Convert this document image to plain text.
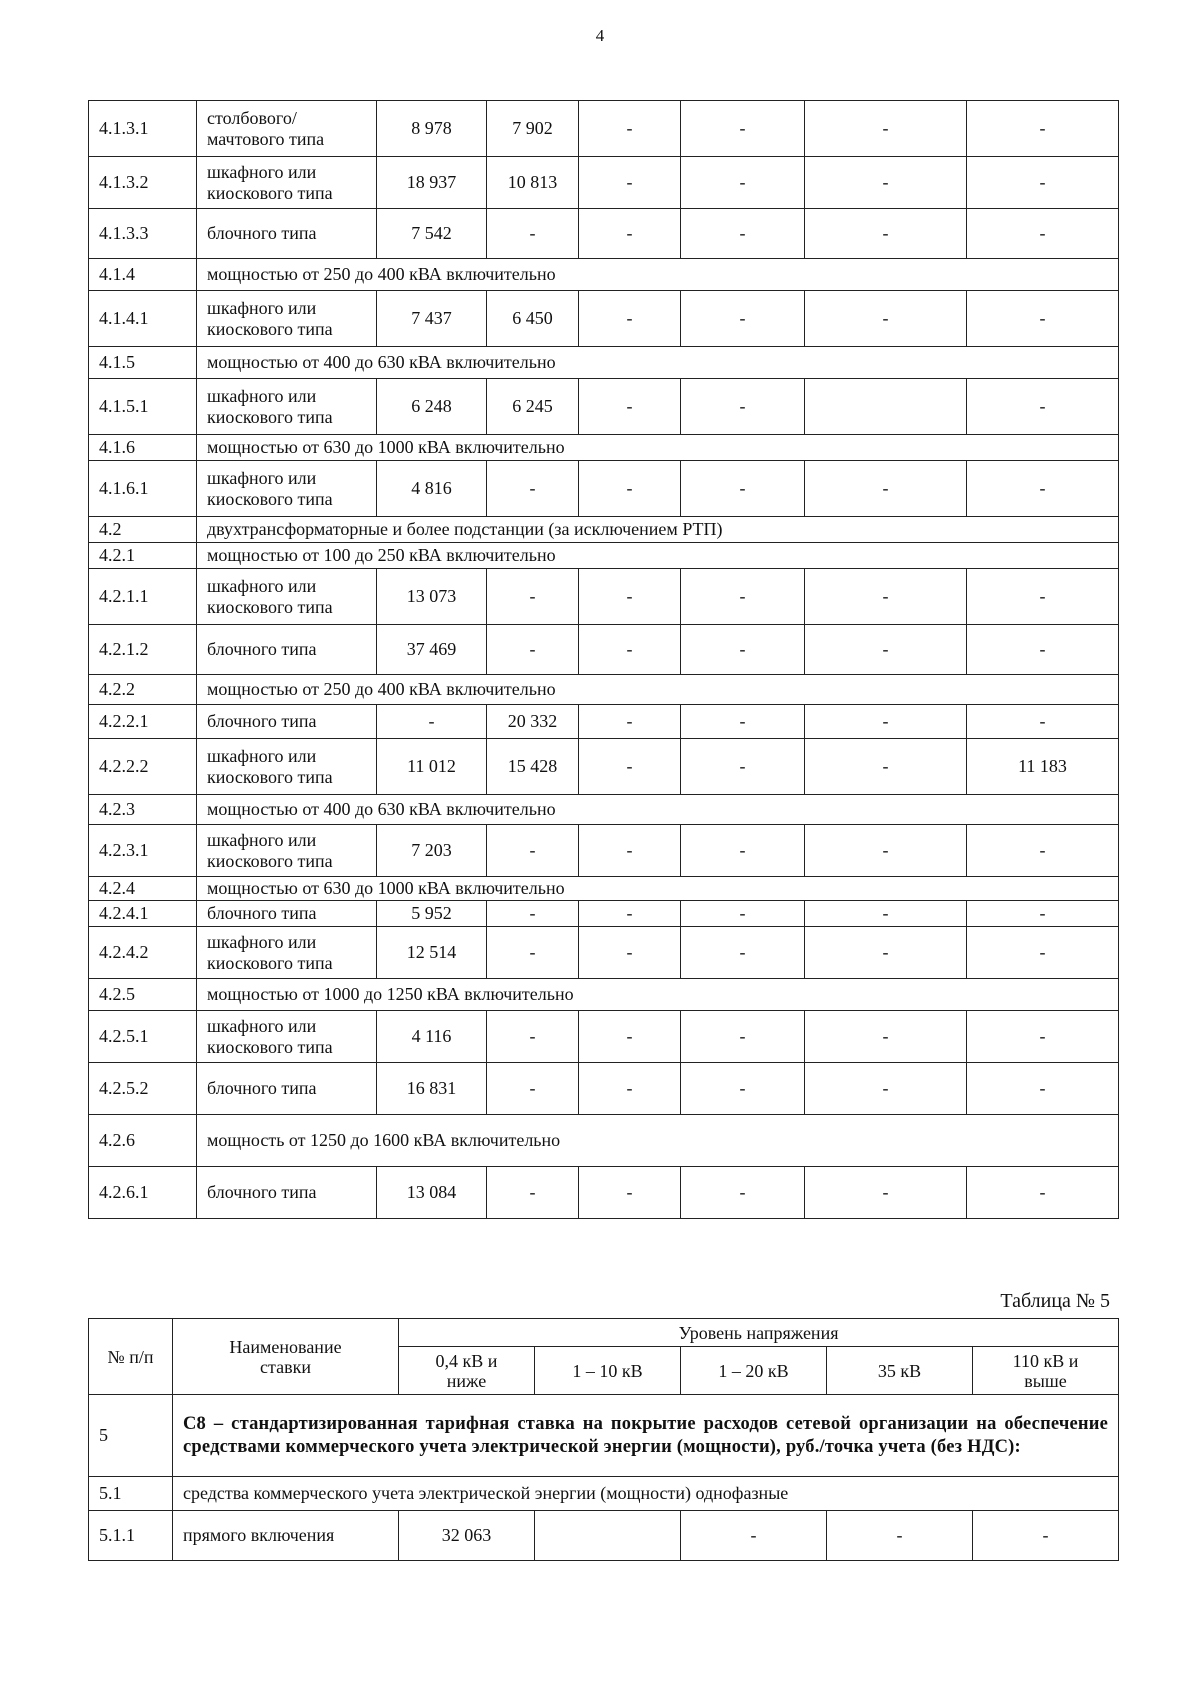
4
4.1.3.1	столбового/ мачтового типа	8 978	7 902	-	-	-	-
4.1.3.2	шкафного или киоскового типа	18 937	10 813	-	-	-	-
4.1.3.3	блочного типа	7 542	-	-	-	-	-
4.1.4	мощностью от 250 до 400 кВА включительно						
4.1.4.1	шкафного или киоскового типа	7 437	6 450	-	-	-	-
4.1.5	мощностью от 400 до 630 кВА включительно						
4.1.5.1	шкафного или киоскового типа	6 248	6 245	-	-		-
4.1.6	мощностью от 630 до 1000 кВА включительно						
4.1.6.1	шкафного или киоскового типа	4 816	-	-	-	-	-
4.2	двухтрансформаторные и более подстанции (за исключением РТП)						
4.2.1	мощностью от 100 до 250 кВА включительно						
4.2.1.1	шкафного или киоскового типа	13 073	-	-	-	-	-
4.2.1.2	блочного типа	37 469	-	-	-	-	-
4.2.2	мощностью от 250 до 400 кВА включительно						
4.2.2.1	блочного типа	-	20 332	-	-	-	-
4.2.2.2	шкафного или киоскового типа	11 012	15 428	-	-	-	11 183
4.2.3	мощностью от 400 до 630 кВА включительно						
4.2.3.1	шкафного или киоскового типа	7 203	-	-	-	-	-
4.2.4	мощностью от 630 до 1000 кВА включительно						
4.2.4.1	блочного типа	5 952	-	-	-	-	-
4.2.4.2	шкафного или киоскового типа	12 514	-	-	-	-	-
4.2.5	мощностью от 1000 до 1250 кВА включительно						
4.2.5.1	шкафного или киоскового типа	4 116	-	-	-	-	-
4.2.5.2	блочного типа	16 831	-	-	-	-	-
4.2.6	мощность от 1250 до 1600 кВА включительно						
4.2.6.1	блочного типа	13 084	-	-	-	-	-
Таблица № 5
№ п/п	Наименование ставки	Уровень напряжения				
		0,4 кВ и ниже	1 – 10 кВ	1 – 20 кВ	35 кВ	110 кВ и выше
5	С8 – стандартизированная тарифная ставка на покрытие расходов сетевой организации на обеспечение средствами коммерческого учета электрической энергии (мощности), руб./точка учета (без НДС):					
5.1	средства коммерческого учета электрической энергии (мощности) однофазные					
5.1.1	прямого включения	32 063		-	-	-
